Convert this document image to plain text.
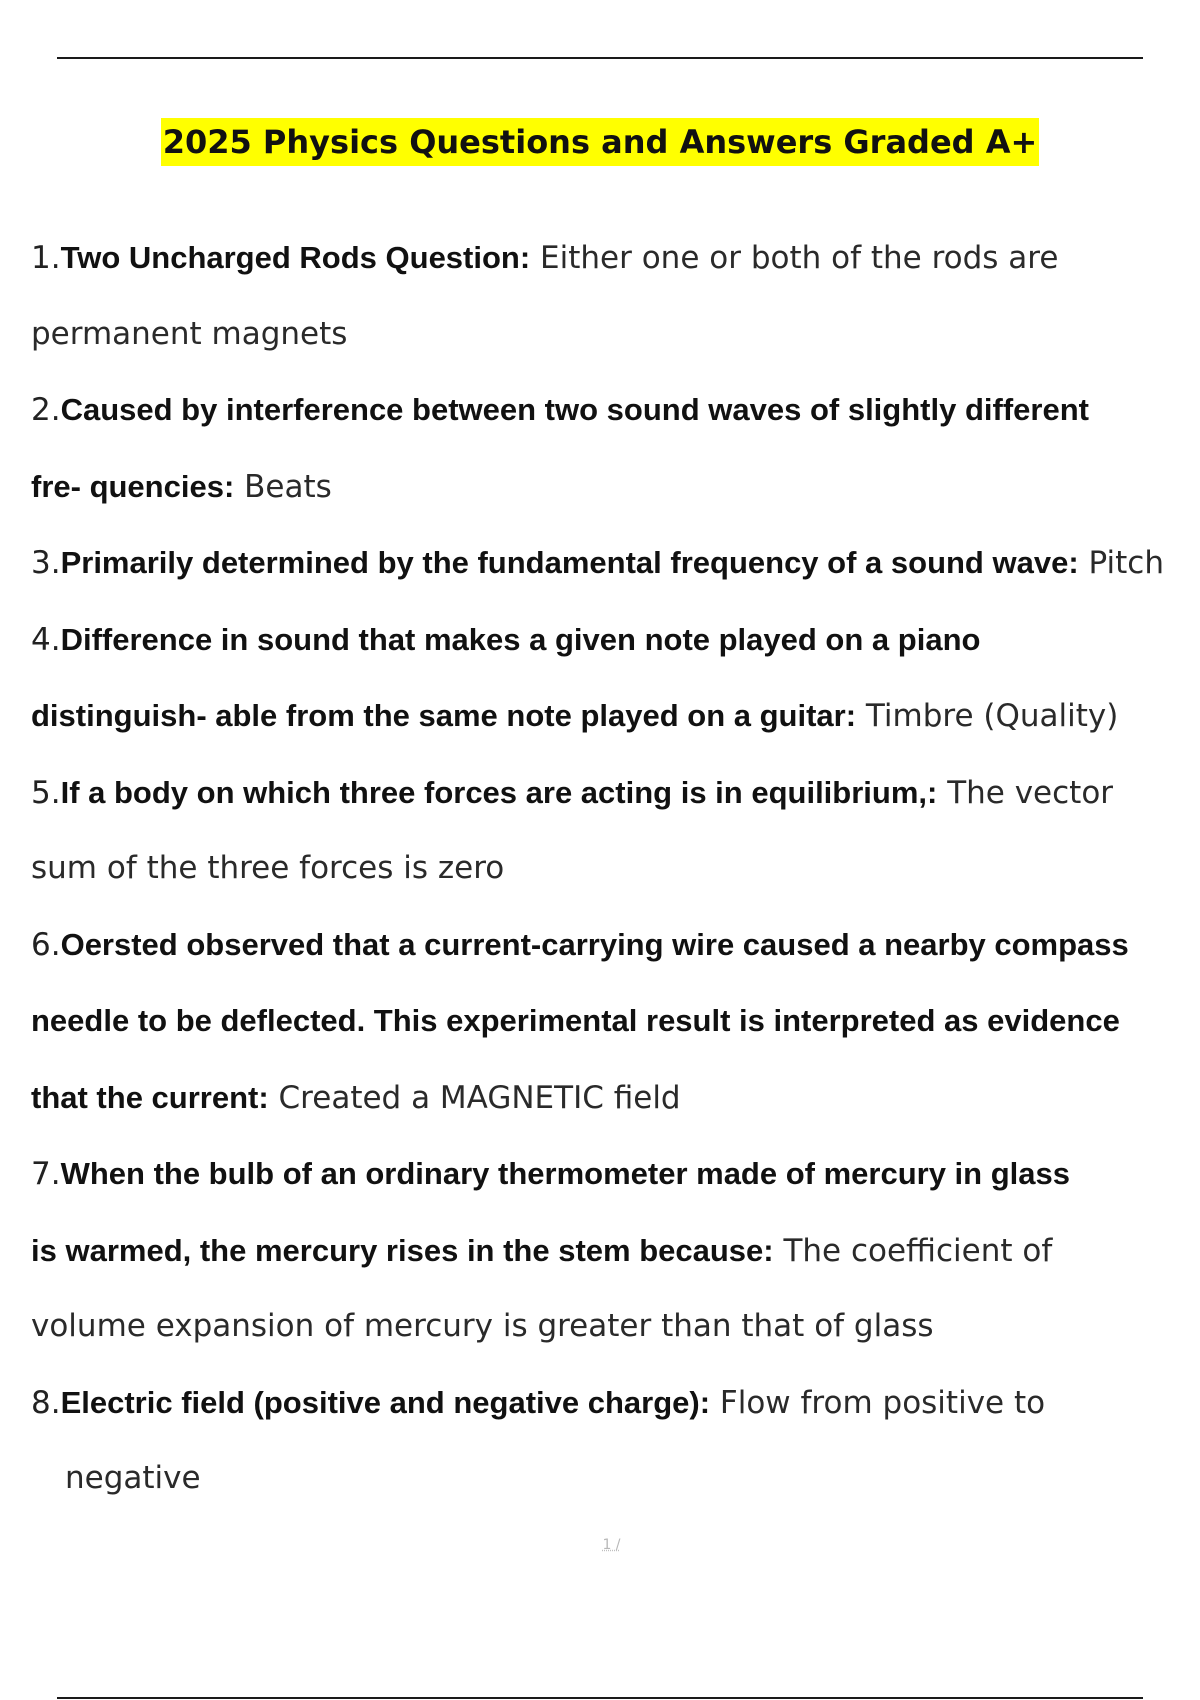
2025 Physics Questions and Answers Graded A+
1.Two Uncharged Rods Question: Either one or both of the rods are
permanent magnets
2.Caused by interference between two sound waves of slightly different
fre- quencies: Beats
3.Primarily determined by the fundamental frequency of a sound wave: Pitch
4.Difference in sound that makes a given note played on a piano
distinguish- able from the same note played on a guitar: Timbre (Quality)
5.If a body on which three forces are acting is in equilibrium,: The vector
sum of the three forces is zero
6.Oersted observed that a current-carrying wire caused a nearby compass
needle to be deflected. This experimental result is interpreted as evidence
that the current: Created a MAGNETIC field
7.When the bulb of an ordinary thermometer made of mercury in glass
is warmed, the mercury rises in the stem because: The coefficient of
volume expansion of mercury is greater than that of glass
8.Electric field (positive and negative charge): Flow from positive to
negative
1 /
